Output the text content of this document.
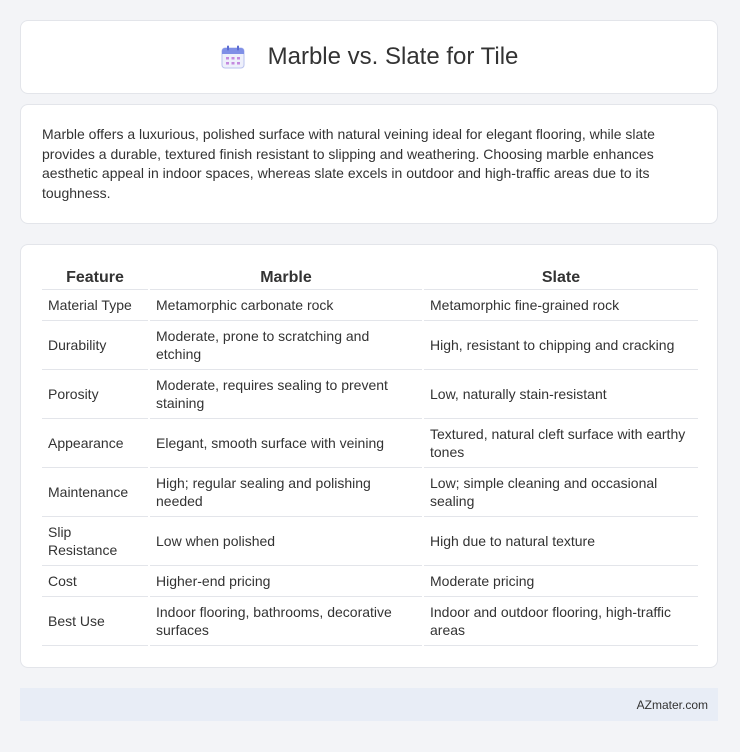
Marble vs. Slate for Tile

Marble offers a luxurious, polished surface with natural veining ideal for elegant flooring, while slate provides a durable, textured finish resistant to slipping and weathering. Choosing marble enhances aesthetic appeal in indoor spaces, whereas slate excels in outdoor and high-traffic areas due to its toughness.

Feature	Marble	Slate
Material Type	Metamorphic carbonate rock	Metamorphic fine-grained rock
Durability	Moderate, prone to scratching and etching	High, resistant to chipping and cracking
Porosity	Moderate, requires sealing to prevent staining	Low, naturally stain-resistant
Appearance	Elegant, smooth surface with veining	Textured, natural cleft surface with earthy tones
Maintenance	High; regular sealing and polishing needed	Low; simple cleaning and occasional sealing
Slip Resistance	Low when polished	High due to natural texture
Cost	Higher-end pricing	Moderate pricing
Best Use	Indoor flooring, bathrooms, decorative surfaces	Indoor and outdoor flooring, high-traffic areas
AZmater.com
